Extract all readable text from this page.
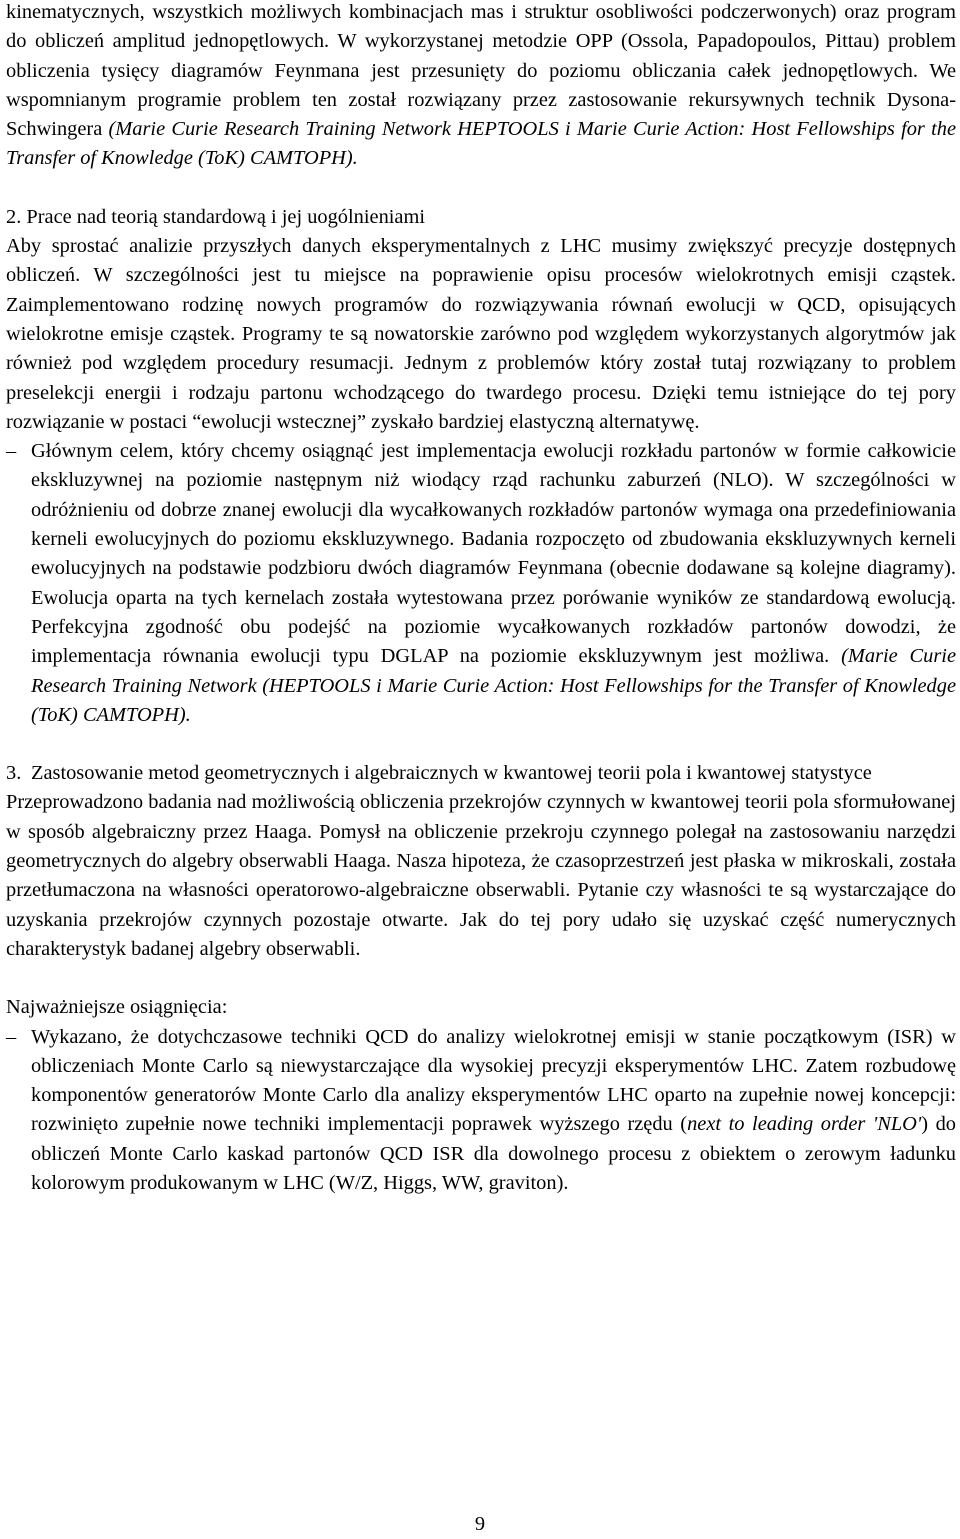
kinematycznych, wszystkich możliwych kombinacjach mas i struktur osobliwości podczerwonych) oraz program do obliczeń amplitud jednopętlowych. W wykorzystanej metodzie OPP (Ossola, Papadopoulos, Pittau) problem obliczenia tysięcy diagramów Feynmana jest przesunięty do poziomu obliczania całek jednopętlowych. We wspomnianym programie problem ten został rozwiązany przez zastosowanie rekursywnych technik Dysona-Schwingera (Marie Curie Research Training Network HEPTOOLS i Marie Curie Action: Host Fellowships for the Transfer of Knowledge (ToK) CAMTOPH).

2. Prace nad teorią standardową i jej uogólnieniami

Aby sprostać analizie przyszłych danych eksperymentalnych z LHC musimy zwiększyć precyzje dostępnych obliczeń. W szczególności jest tu miejsce na poprawienie opisu procesów wielokrotnych emisji cząstek. Zaimplementowano rodzinę nowych programów do rozwiązywania równań ewolucji w QCD, opisujących wielokrotne emisje cząstek. Programy te są nowatorskie zarówno pod względem wykorzystanych algorytmów jak również pod względem procedury resumacji. Jednym z problemów który został tutaj rozwiązany to problem preselekcji energii i rodzaju partonu wchodzącego do twardego procesu. Dzięki temu istniejące do tej pory rozwiązanie w postaci “ewolucji wstecznej” zyskało bardziej elastyczną alternatywę.

– Głównym celem, który chcemy osiągnąć jest implementacja ewolucji rozkładu partonów w formie całkowicie ekskluzywnej na poziomie następnym niż wiodący rząd rachunku zaburzeń (NLO). W szczególności w odróżnieniu od dobrze znanej ewolucji dla wycałkowanych rozkładów partonów wymaga ona przedefiniowania kerneli ewolucyjnych do poziomu ekskluzywnego. Badania rozpoczęto od zbudowania ekskluzywnych kerneli ewolucyjnych na podstawie podzbioru dwóch diagramów Feynmana (obecnie dodawane są kolejne diagramy). Ewolucja oparta na tych kernelach została wytestowana przez porówanie wyników ze standardową ewolucją. Perfekcyjna zgodność obu podejść na poziomie wycałkowanych rozkładów partonów dowodzi, że implementacja równania ewolucji typu DGLAP na poziomie ekskluzywnym jest możliwa. (Marie Curie Research Training Network (HEPTOOLS i Marie Curie Action: Host Fellowships for the Transfer of Knowledge (ToK) CAMTOPH).
3. Zastosowanie metod geometrycznych i algebraicznych w kwantowej teorii pola i kwantowej statystyce

Przeprowadzono badania nad możliwością obliczenia przekrojów czynnych w kwantowej teorii pola sformułowanej w sposób algebraiczny przez Haaga. Pomysł na obliczenie przekroju czynnego polegał na zastosowaniu narzędzi geometrycznych do algebry obserwabli Haaga. Nasza hipoteza, że czasoprzestrzeń jest płaska w mikroskali, została przetłumaczona na własności operatorowo-algebraiczne obserwabli. Pytanie czy własności te są wystarczające do uzyskania przekrojów czynnych pozostaje otwarte. Jak do tej pory udało się uzyskać część numerycznych charakterystyk badanej algebry obserwabli.

Najważniejsze osiągnięcia:

– Wykazano, że dotychczasowe techniki QCD do analizy wielokrotnej emisji w stanie początkowym (ISR) w obliczeniach Monte Carlo są niewystarczające dla wysokiej precyzji eksperymentów LHC. Zatem rozbudowę komponentów generatorów Monte Carlo dla analizy eksperymentów LHC oparto na zupełnie nowej koncepcji: rozwinięto zupełnie nowe techniki implementacji poprawek wyższego rzędu (next to leading order 'NLO') do obliczeń Monte Carlo kaskad partonów QCD ISR dla dowolnego procesu z obiektem o zerowym ładunku kolorowym produkowanym w LHC (W/Z, Higgs, WW, graviton).
9
